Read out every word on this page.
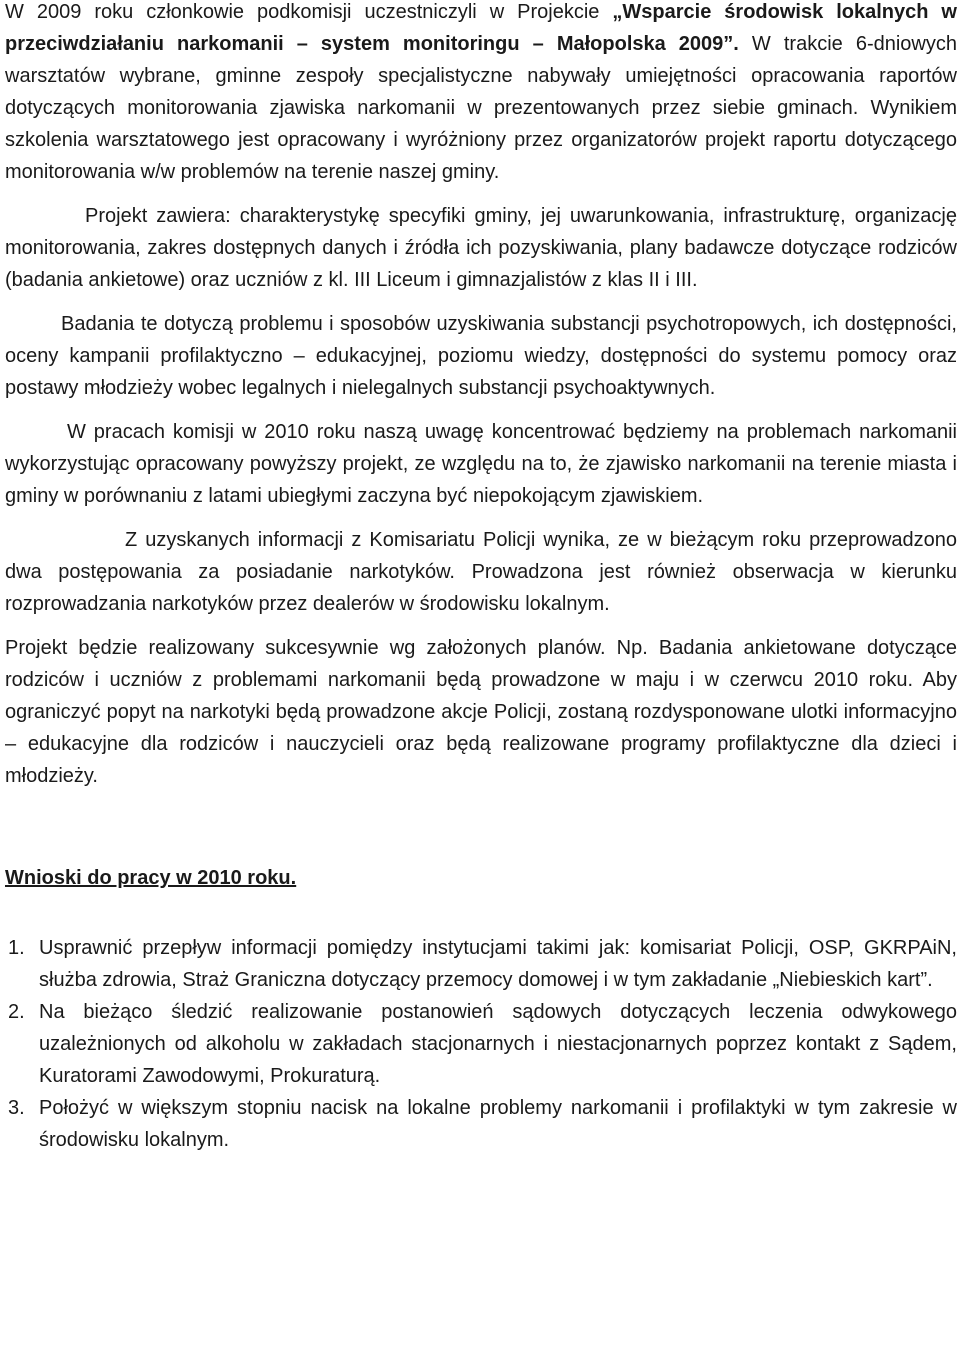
W 2009 roku członkowie podkomisji uczestniczyli w Projekcie „Wsparcie środowisk lokalnych w przeciwdziałaniu narkomanii – system monitoringu – Małopolska 2009”. W trakcie 6-dniowych warsztatów wybrane, gminne zespoły specjalistyczne nabywały umiejętności opracowania raportów dotyczących monitorowania zjawiska narkomanii w prezentowanych przez siebie gminach. Wynikiem szkolenia warsztatowego jest opracowany i wyróżniony przez organizatorów projekt raportu dotyczącego monitorowania w/w problemów na terenie naszej gminy.

Projekt zawiera: charakterystykę specyfiki gminy, jej uwarunkowania, infrastrukturę, organizację monitorowania, zakres dostępnych danych i źródła ich pozyskiwania, plany badawcze dotyczące rodziców (badania ankietowe) oraz uczniów z kl. III Liceum i gimnazjalistów z klas II i III.

Badania te dotyczą problemu i sposobów uzyskiwania substancji psychotropowych, ich dostępności, oceny kampanii profilaktyczno – edukacyjnej, poziomu wiedzy, dostępności do systemu pomocy oraz postawy młodzieży wobec legalnych i nielegalnych substancji psychoaktywnych.

W pracach komisji w 2010 roku naszą uwagę koncentrować będziemy na problemach narkomanii wykorzystując opracowany powyższy projekt, ze względu na to, że zjawisko narkomanii na terenie miasta i gminy w porównaniu z latami ubiegłymi zaczyna być niepokojącym zjawiskiem.

Z uzyskanych informacji z Komisariatu Policji wynika, ze w bieżącym roku przeprowadzono dwa postępowania za posiadanie narkotyków. Prowadzona jest również obserwacja w kierunku rozprowadzania narkotyków przez dealerów w środowisku lokalnym.

Projekt będzie realizowany sukcesywnie wg założonych planów. Np. Badania ankietowane dotyczące rodziców i uczniów z problemami narkomanii będą prowadzone w maju i w czerwcu 2010 roku. Aby ograniczyć popyt na narkotyki będą prowadzone akcje Policji, zostaną rozdysponowane ulotki informacyjno – edukacyjne dla rodziców i nauczycieli oraz będą realizowane programy profilaktyczne dla dzieci i młodzieży.

Wnioski do pracy w 2010 roku.
1. Usprawnić przepływ informacji pomiędzy instytucjami takimi jak: komisariat Policji, OSP, GKRPAiN, służba zdrowia, Straż Graniczna dotyczący przemocy domowej i w tym zakładanie „Niebieskich kart”.
2. Na bieżąco śledzić realizowanie postanowień sądowych dotyczących leczenia odwykowego uzależnionych od alkoholu w zakładach stacjonarnych i niestacjonarnych poprzez kontakt z Sądem, Kuratorami Zawodowymi, Prokuraturą.
3. Położyć w większym stopniu nacisk na lokalne problemy narkomanii i profilaktyki w tym zakresie w środowisku lokalnym.
